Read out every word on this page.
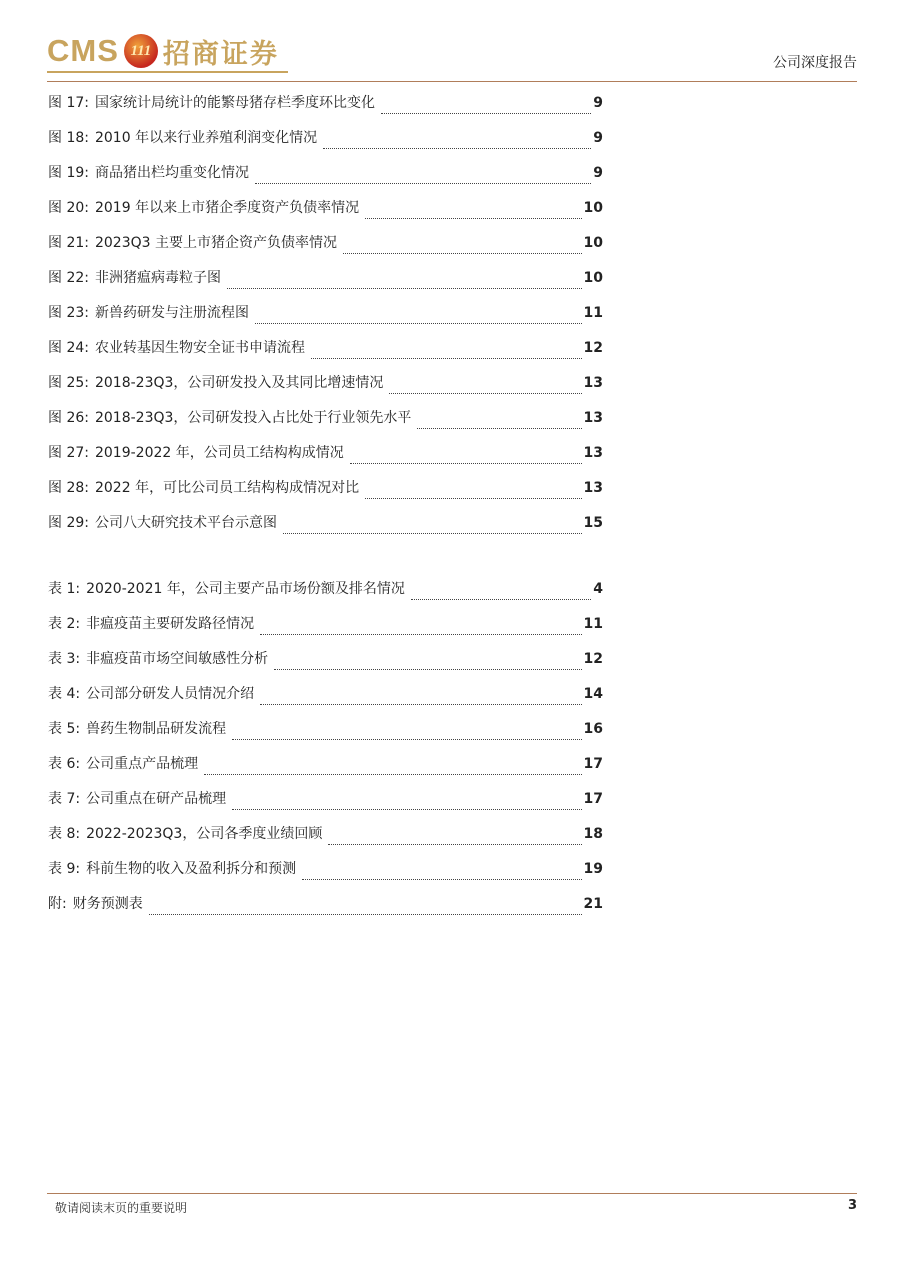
CMS 111 招商证券	公司深度报告
图 17: 国家统计局统计的能繁母猪存栏季度环比变化	9
图 18: 2010 年以来行业养殖利润变化情况	9
图 19: 商品猪出栏均重变化情况	9
图 20: 2019 年以来上市猪企季度资产负债率情况	10
图 21: 2023Q3 主要上市猪企资产负债率情况	10
图 22: 非洲猪瘟病毒粒子图	10
图 23: 新兽药研发与注册流程图	11
图 24: 农业转基因生物安全证书申请流程	12
图 25: 2018-23Q3，公司研发投入及其同比增速情况	13
图 26: 2018-23Q3，公司研发投入占比处于行业领先水平	13
图 27: 2019-2022 年，公司员工结构构成情况	13
图 28: 2022 年，可比公司员工结构构成情况对比	13
图 29: 公司八大研究技术平台示意图	15
表 1: 2020-2021 年，公司主要产品市场份额及排名情况	4
表 2: 非瘟疫苗主要研发路径情况	11
表 3: 非瘟疫苗市场空间敏感性分析	12
表 4: 公司部分研发人员情况介绍	14
表 5: 兽药生物制品研发流程	16
表 6: 公司重点产品梳理	17
表 7: 公司重点在研产品梳理	17
表 8: 2022-2023Q3，公司各季度业绩回顾	18
表 9: 科前生物的收入及盈利拆分和预测	19
附: 财务预测表	21
敬请阅读末页的重要说明	3
